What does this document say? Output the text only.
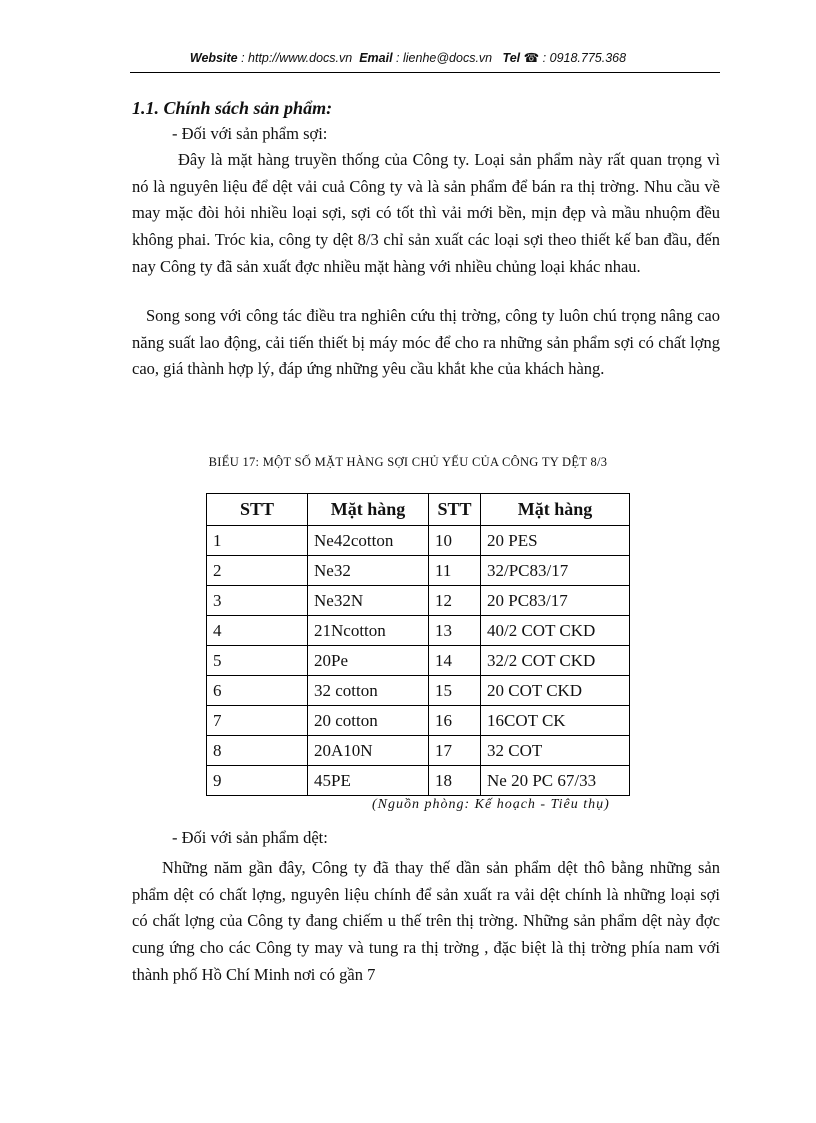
Website : http://www.docs.vn Email : lienhe@docs.vn Tel ☎ : 0918.775.368
1.1. Chính sách sản phẩm:
- Đối với sản phẩm sợi:

Đây là mặt hàng truyền thống của Công ty. Loại sản phẩm này rất quan trọng vì nó là nguyên liệu để dệt vải cuả Công ty và là sản phẩm để bán ra thị trờng. Nhu cầu về may mặc đòi hỏi nhiều loại sợi, sợi có tốt thì vải mới bền, mịn đẹp và mầu nhuộm đều không phai. Tróc kia, công ty dệt 8/3 chỉ sản xuất các loại sợi theo thiết kế ban đầu, đến nay Công ty đã sản xuất đợc nhiều mặt hàng với nhiều chủng loại khác nhau.

Song song với công tác điều tra nghiên cứu thị trờng, công ty luôn chú trọng nâng cao năng suất lao động, cải tiến thiết bị máy móc để cho ra những sản phẩm sợi có chất lợng cao, giá thành hợp lý, đáp ứng những yêu cầu khắt khe của khách hàng.

BIỂU 17: MỘT SỐ MẶT HÀNG SỢI CHỦ YẾU CỦA CÔNG TY DỆT 8/3
STT	Mặt hàng	STT	Mặt hàng
1	Ne42cotton	10	20 PES
2	Ne32	11	32/PC83/17
3	Ne32N	12	20 PC83/17
4	21Ncotton	13	40/2 COT CKD
5	20Pe	14	32/2 COT CKD
6	32 cotton	15	20 COT CKD
7	20 cotton	16	16COT CK
8	20A10N	17	32 COT
9	45PE	18	Ne 20 PC 67/33
(Nguồn phòng: Kế hoạch - Tiêu thụ)
- Đối với sản phẩm dệt:

Những năm gần đây, Công ty đã thay thế dần sản phẩm dệt thô bằng những sản phẩm dệt có chất lợng, nguyên liệu chính để sản xuất ra vải dệt chính là những loại sợi có chất lợng của Công ty đang chiếm u thế trên thị trờng. Những sản phẩm dệt này đợc cung ứng cho các Công ty may và tung ra thị trờng , đặc biệt là thị trờng phía nam với thành phố Hồ Chí Minh nơi có gần 7
